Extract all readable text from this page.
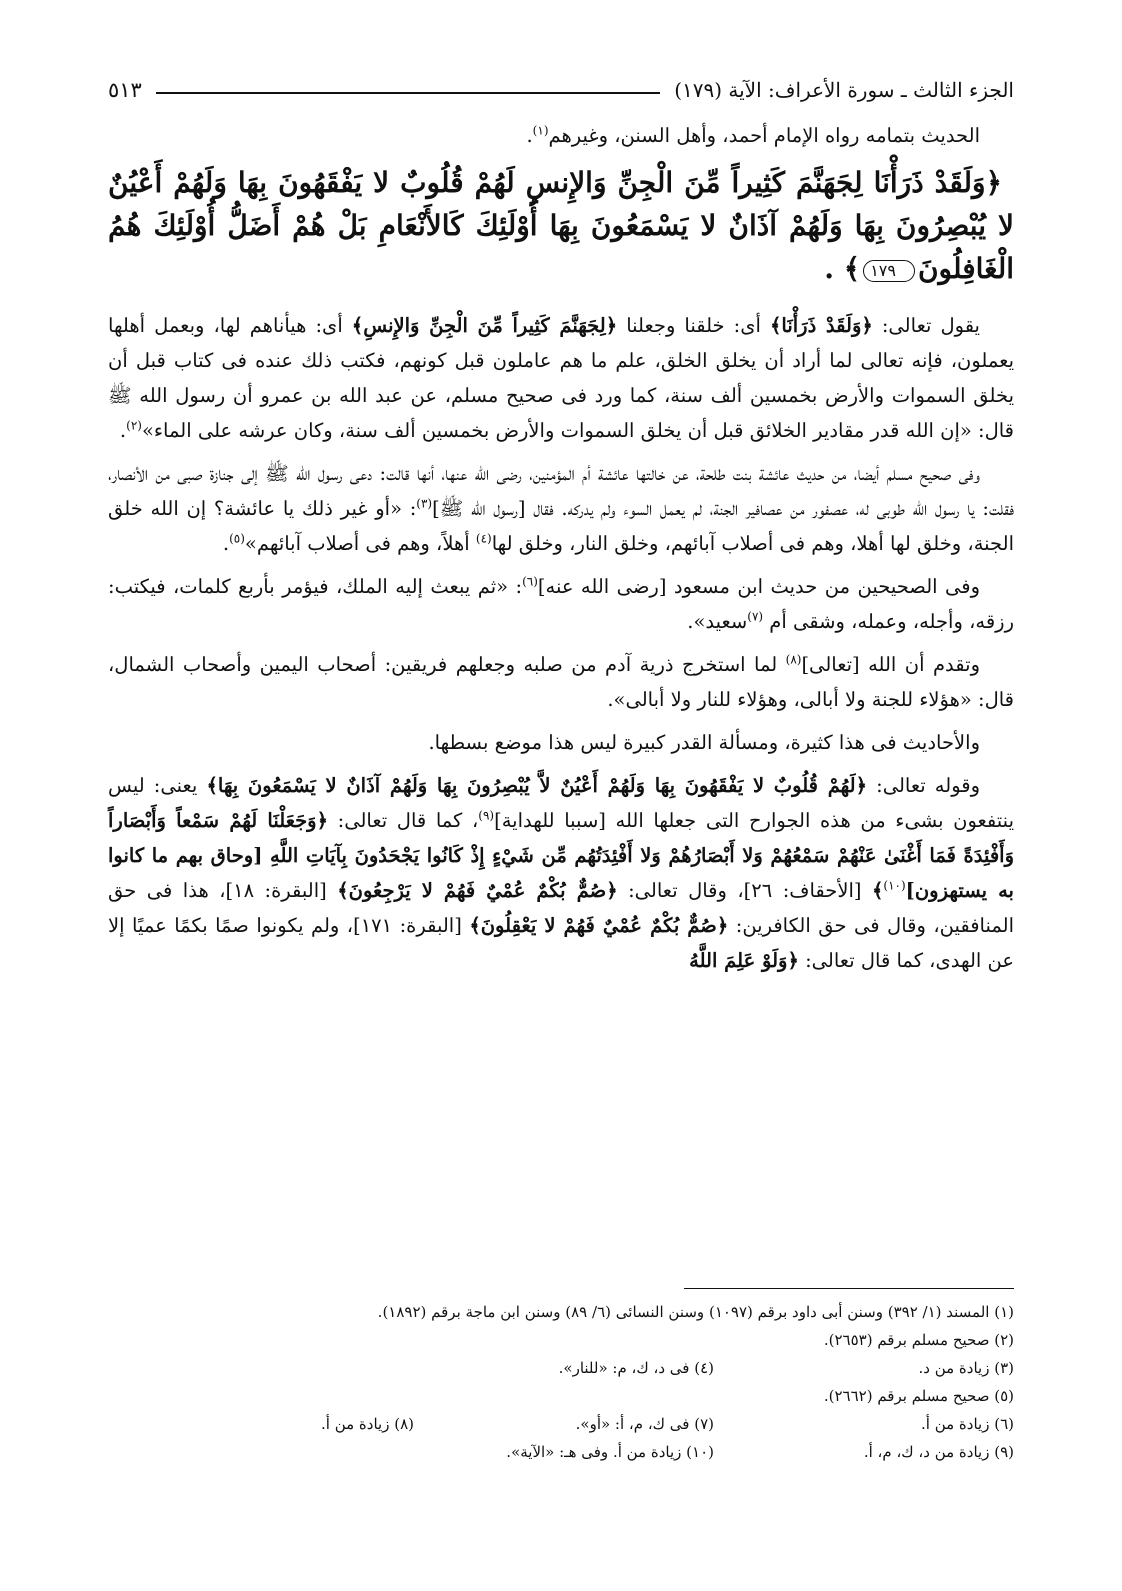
الجزء الثالث ـ سورة الأعراف: الآية (١٧٩)
٥١٣

الحديث بتمامه رواه الإمام أحمد، وأهل السنن، وغيرهم$^{(١)}$.

﴿وَلَقَدْ ذَرَأْنَا لِجَهَنَّمَ كَثِيراً مِّنَ الْجِنِّ وَالإِنسِ لَهُمْ قُلُوبٌ لا يَفْقَهُونَ بِهَا وَلَهُمْ أَعْيُنٌ لا يُبْصِرُونَ بِهَا وَلَهُمْ آذَانٌ لا يَسْمَعُونَ بِهَا أُوْلَئِكَ كَالأَنْعَامِ بَلْ هُمْ أَضَلُّ أُوْلَئِكَ هُمُ الْغَافِلُونَ١٧٩﴾ .

يقول تعالى: ﴿وَلَقَدْ ذَرَأْنَا﴾ أى: خلقنا وجعلنا ﴿لِجَهَنَّمَ كَثِيراً مِّنَ الْجِنِّ وَالإِنسِ﴾ أى: هيأناهم لها، وبعمل أهلها يعملون، فإنه تعالى لما أراد أن يخلق الخلق، علم ما هم عاملون قبل كونهم، فكتب ذلك عنده فى كتاب قبل أن يخلق السموات والأرض بخمسين ألف سنة، كما ورد فى صحيح مسلم، عن عبد الله بن عمرو أن رسول الله ﷺ قال: «إن الله قدر مقادير الخلائق قبل أن يخلق السموات والأرض بخمسين ألف سنة، وكان عرشه على الماء»$^{(٢)}$.

وفى صحيح مسلم أيضا، من حديث عائشة بنت طلحة، عن خالتها عائشة أم المؤمنين، رضى الله عنها، أنها قالت: دعى رسول الله ﷺ إلى جنازة صبى من الأنصار، فقلت: يا رسول الله طوبى له، عصفور من عصافير الجنة، لم يعمل السوء ولم يدركه. فقال [رسول الله ﷺ]$^{(٣)}$: «أو غير ذلك يا عائشة؟ إن الله خلق الجنة، وخلق لها أهلا، وهم فى أصلاب آبائهم، وخلق النار، وخلق لها$^{(٤)}$ أهلاً، وهم فى أصلاب آبائهم»$^{(٥)}$.

وفى الصحيحين من حديث ابن مسعود [رضى الله عنه]$^{(٦)}$: «ثم يبعث إليه الملك، فيؤمر بأربع كلمات، فيكتب: رزقه، وأجله، وعمله، وشقى أم $^{(٧)}$سعيد».

وتقدم أن الله [تعالى]$^{(٨)}$ لما استخرج ذرية آدم من صلبه وجعلهم فريقين: أصحاب اليمين وأصحاب الشمال، قال: «هؤلاء للجنة ولا أبالى، وهؤلاء للنار ولا أبالى».

والأحاديث فى هذا كثيرة، ومسألة القدر كبيرة ليس هذا موضع بسطها.

وقوله تعالى: ﴿لَهُمْ قُلُوبٌ لا يَفْقَهُونَ بِهَا وَلَهُمْ أَعْيُنٌ لاَّ يُبْصِرُونَ بِهَا وَلَهُمْ آذَانٌ لا يَسْمَعُونَ بِهَا﴾ يعنى: ليس ينتفعون بشىء من هذه الجوارح التى جعلها الله [سببا للهداية]$^{(٩)}$، كما قال تعالى: ﴿وَجَعَلْنَا لَهُمْ سَمْعاً وَأَبْصَاراً وَأَفْئِدَةً فَمَا أَغْنَىٰ عَنْهُمْ سَمْعُهُمْ وَلا أَبْصَارُهُمْ وَلا أَفْئِدَتُهُم مِّن شَيْءٍ إِذْ كَانُوا يَجْحَدُونَ بِآيَاتِ اللَّهِ [وحاق بهم ما كانوا به يستهزون]$^{(١٠)}$﴾ [الأحقاف: ٢٦]، وقال تعالى: ﴿صُمٌّ بُكْمٌ عُمْيٌ فَهُمْ لا يَرْجِعُونَ﴾ [البقرة: ١٨]، هذا فى حق المنافقين، وقال فى حق الكافرين: ﴿صُمٌّ بُكْمٌ عُمْيٌ فَهُمْ لا يَعْقِلُونَ﴾ [البقرة: ١٧١]، ولم يكونوا صمًا بكمًا عميًا إلا عن الهدى، كما قال تعالى: ﴿وَلَوْ عَلِمَ اللَّهُ

(١) المسند (١/ ٣٩٢) وسنن أبى داود برقم (١٠٩٧) وسنن النسائى (٦/ ٨٩) وسنن ابن ماجة برقم (١٨٩٢).
(٢) صحيح مسلم برقم (٢٦٥٣).
(٣) زيادة من د.
(٤) فى د، ك، م: «للنار».
(٥) صحيح مسلم برقم (٢٦٦٢).
(٦) زيادة من أ.
(٧) فى ك، م، أ: «أو».
(٨) زيادة من أ.
(٩) زيادة من د، ك، م، أ.
(١٠) زيادة من أ. وفى هـ: «الآية».
